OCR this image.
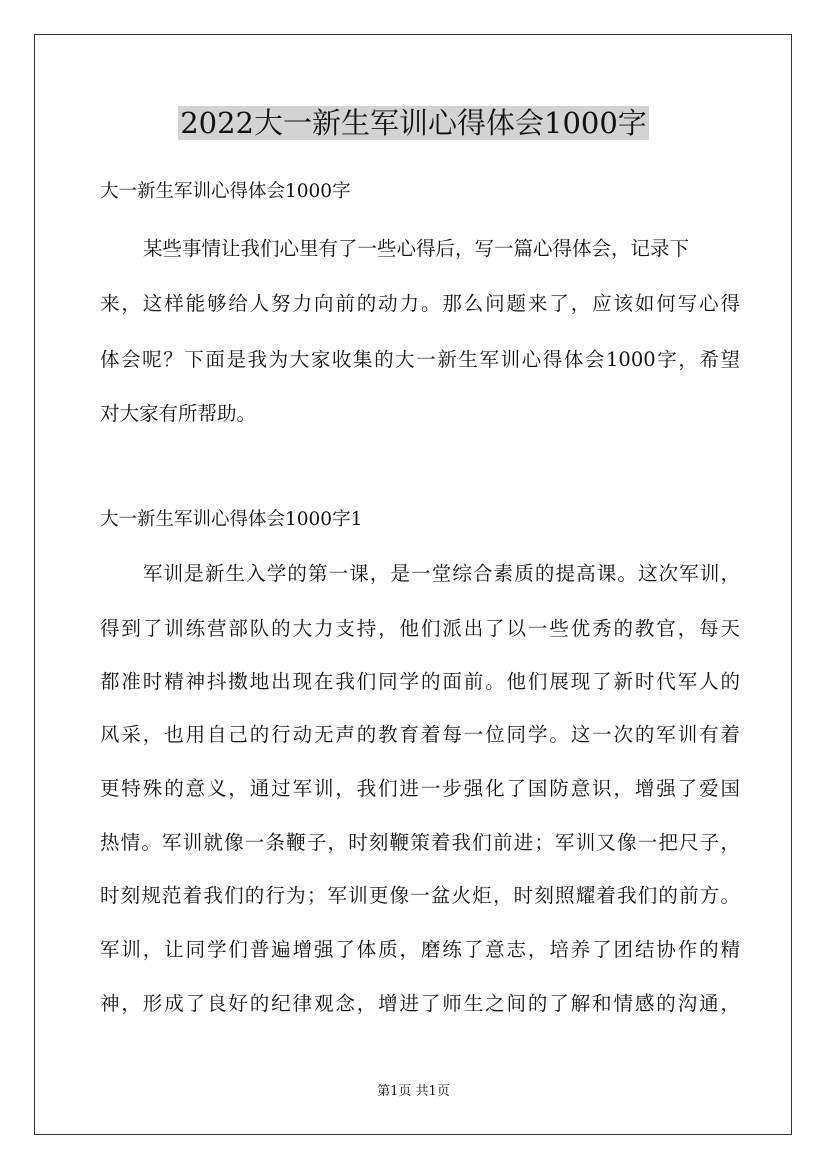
2022大一新生军训心得体会1000字
大一新生军训心得体会1000字
某些事情让我们心里有了一些心得后，写一篇心得体会，记录下
来，这样能够给人努力向前的动力。那么问题来了，应该如何写心得
体会呢？下面是我为大家收集的大一新生军训心得体会1000字，希望
对大家有所帮助。
大一新生军训心得体会1000字1
军训是新生入学的第一课，是一堂综合素质的提高课。这次军训，
得到了训练营部队的大力支持，他们派出了以一些优秀的教官，每天
都准时精神抖擞地出现在我们同学的面前。他们展现了新时代军人的
风采，也用自己的行动无声的教育着每一位同学。这一次的军训有着
更特殊的意义，通过军训，我们进一步强化了国防意识，增强了爱国
热情。军训就像一条鞭子，时刻鞭策着我们前进；军训又像一把尺子，
时刻规范着我们的行为；军训更像一盆火炬，时刻照耀着我们的前方。
军训，让同学们普遍增强了体质，磨练了意志，培养了团结协作的精
神，形成了良好的纪律观念，增进了师生之间的了解和情感的沟通，
第1页 共1页
